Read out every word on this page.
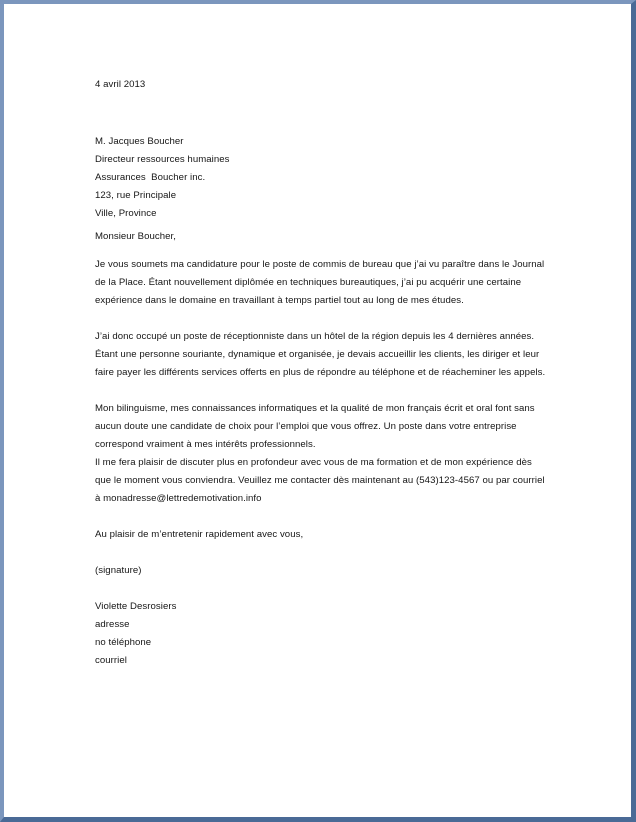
4 avril 2013

M. Jacques Boucher

Directeur ressources humaines

Assurances  Boucher inc.

123, rue Principale

Ville, Province

Monsieur Boucher,

Je vous soumets ma candidature pour le poste de commis de bureau que j’ai vu paraître dans le Journal de la Place. Étant nouvellement diplômée en techniques bureautiques, j’ai pu acquérir une certaine expérience dans le domaine en travaillant à temps partiel tout au long de mes études.

J’ai donc occupé un poste de réceptionniste dans un hôtel de la région depuis les 4 dernières années. Étant une personne souriante, dynamique et organisée, je devais accueillir les clients, les diriger et leur faire payer les différents services offerts en plus de répondre au téléphone et de réacheminer les appels.

Mon bilinguisme, mes connaissances informatiques et la qualité de mon français écrit et oral font sans aucun doute une candidate de choix pour l’emploi que vous offrez. Un poste dans votre entreprise correspond vraiment à mes intérêts professionnels.

Il me fera plaisir de discuter plus en profondeur avec vous de ma formation et de mon expérience dès que le moment vous conviendra. Veuillez me contacter dès maintenant au (543)123-4567 ou par courriel à monadresse@lettredemotivation.info

Au plaisir de m’entretenir rapidement avec vous,

(signature)

Violette Desrosiers

adresse

no téléphone

courriel
